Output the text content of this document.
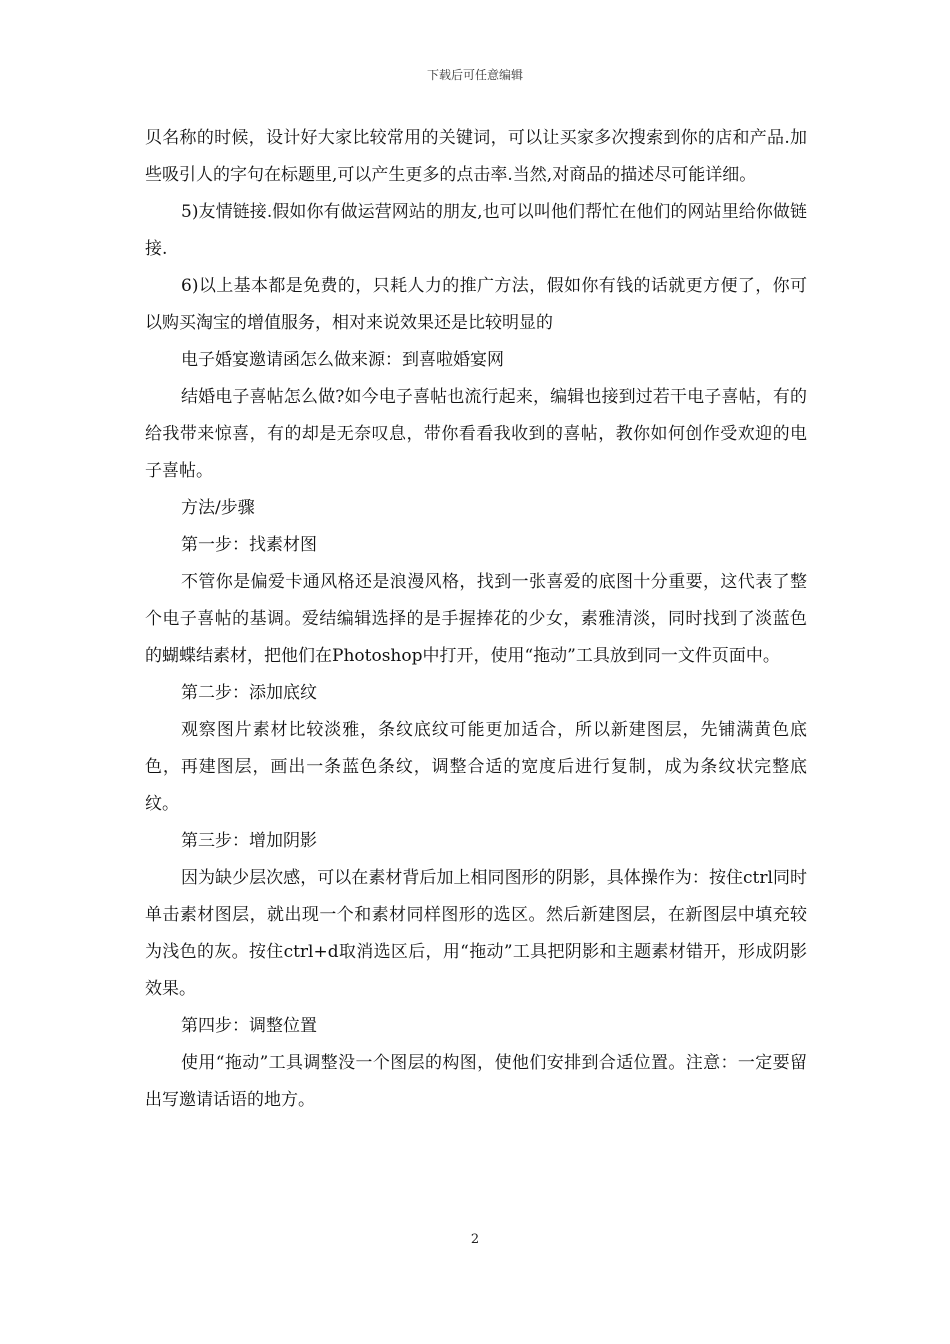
下载后可任意编辑

贝名称的时候，设计好大家比较常用的关键词，可以让买家多次搜索到你的店和产品.加些吸引人的字句在标题里,可以产生更多的点击率.当然,对商品的描述尽可能详细。

5)友情链接.假如你有做运营网站的朋友,也可以叫他们帮忙在他们的网站里给你做链接.

6)以上基本都是免费的，只耗人力的推广方法，假如你有钱的话就更方便了，你可以购买淘宝的增值服务，相对来说效果还是比较明显的

电子婚宴邀请函怎么做来源：到喜啦婚宴网

结婚电子喜帖怎么做?如今电子喜帖也流行起来，编辑也接到过若干电子喜帖，有的给我带来惊喜，有的却是无奈叹息，带你看看我收到的喜帖，教你如何创作受欢迎的电子喜帖。

方法/步骤

第一步：找素材图

不管你是偏爱卡通风格还是浪漫风格，找到一张喜爱的底图十分重要，这代表了整个电子喜帖的基调。爱结编辑选择的是手握捧花的少女，素雅清淡，同时找到了淡蓝色的蝴蝶结素材，把他们在Photoshop中打开，使用“拖动”工具放到同一文件页面中。

第二步：添加底纹

观察图片素材比较淡雅，条纹底纹可能更加适合，所以新建图层，先铺满黄色底色，再建图层，画出一条蓝色条纹，调整合适的宽度后进行复制，成为条纹状完整底纹。

第三步：增加阴影

因为缺少层次感，可以在素材背后加上相同图形的阴影，具体操作为：按住ctrl同时单击素材图层，就出现一个和素材同样图形的选区。然后新建图层，在新图层中填充较为浅色的灰。按住ctrl+d取消选区后，用“拖动”工具把阴影和主题素材错开，形成阴影效果。

第四步：调整位置

使用“拖动”工具调整没一个图层的构图，使他们安排到合适位置。注意：一定要留出写邀请话语的地方。

2
